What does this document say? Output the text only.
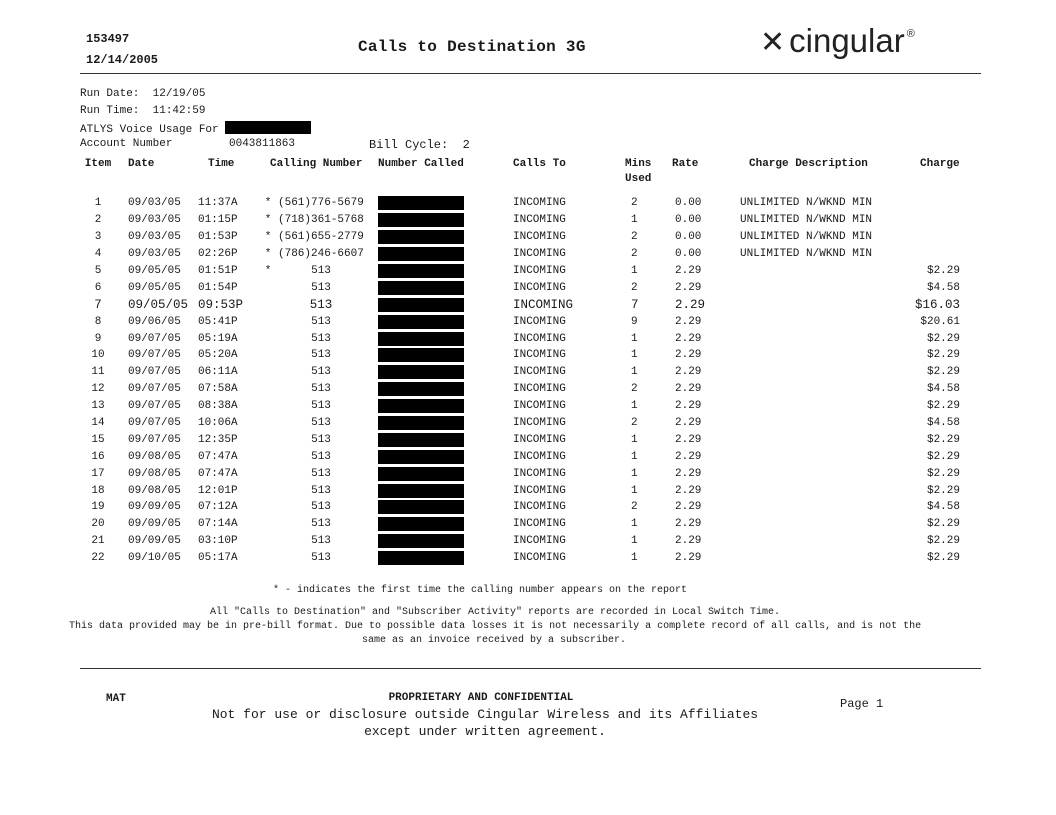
153497
12/14/2005
Calls to Destination 3G	✕ cingular ®
Run Date: 12/19/05
Run Time: 11:42:59
ATLYS Voice Usage For
Account Number	0043811863	Bill Cycle: 2
Item	Date	Time	Calling Number	Number Called	Calls To	Mins
Used	Rate	Charge Description	Charge
1	09/03/05	11:37A	* (561)776-5679		INCOMING	2	0.00	UNLIMITED N/WKND MIN	
2	09/03/05	01:15P	* (718)361-5768		INCOMING	1	0.00	UNLIMITED N/WKND MIN	
3	09/03/05	01:53P	* (561)655-2779		INCOMING	2	0.00	UNLIMITED N/WKND MIN	
4	09/03/05	02:26P	* (786)246-6607		INCOMING	2	0.00	UNLIMITED N/WKND MIN	
5	09/05/05	01:51P	* 513		INCOMING	1	2.29		$2.29
6	09/05/05	01:54P	513		INCOMING	2	2.29		$4.58
7	09/05/05	09:53P	513		INCOMING	7	2.29		$16.03
8	09/06/05	05:41P	513		INCOMING	9	2.29		$20.61
9	09/07/05	05:19A	513		INCOMING	1	2.29		$2.29
10	09/07/05	05:20A	513		INCOMING	1	2.29		$2.29
11	09/07/05	06:11A	513		INCOMING	1	2.29		$2.29
12	09/07/05	07:58A	513		INCOMING	2	2.29		$4.58
13	09/07/05	08:38A	513		INCOMING	1	2.29		$2.29
14	09/07/05	10:06A	513		INCOMING	2	2.29		$4.58
15	09/07/05	12:35P	513		INCOMING	1	2.29		$2.29
16	09/08/05	07:47A	513		INCOMING	1	2.29		$2.29
17	09/08/05	07:47A	513		INCOMING	1	2.29		$2.29
18	09/08/05	12:01P	513		INCOMING	1	2.29		$2.29
19	09/09/05	07:12A	513		INCOMING	2	2.29		$4.58
20	09/09/05	07:14A	513		INCOMING	1	2.29		$2.29
21	09/09/05	03:10P	513		INCOMING	1	2.29		$2.29
22	09/10/05	05:17A	513		INCOMING	1	2.29		$2.29
* - indicates the first time the calling number appears on the report
All "Calls to Destination" and "Subscriber Activity" reports are recorded in Local Switch Time.
This data provided may be in pre-bill format. Due to possible data losses it is not necessarily a complete record of all calls, and is not the
same as an invoice received by a subscriber.
MAT	PROPRIETARY AND CONFIDENTIAL
Not for use or disclosure outside Cingular Wireless and its Affiliates
except under written agreement.
Page 1
